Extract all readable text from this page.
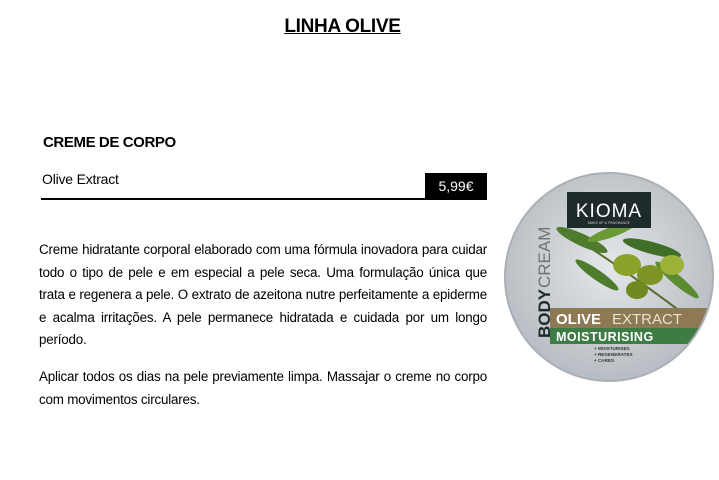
LINHA OLIVE
CREME DE CORPO
Olive Extract	5,99€

Creme hidratante corporal elaborado com uma fórmula inovadora para cuidar todo o tipo de pele e em especial a pele seca. Uma formulação única que trata e regenera a pele. O extrato de azeitona nutre perfeitamente a epiderme e acalma irritações. A pele permanece hidratada e cuidada por um longo período.

Aplicar todos os dias na pele previamente limpa. Massajar o creme no corpo com movimentos circulares.

KIOMA
MAKE UP & FRAGRANCE
BODY
CREAM
OLIVE EXTRACT
MOISTURISING
+ MOISTURISES
+ REGENERATES
+ CARES
